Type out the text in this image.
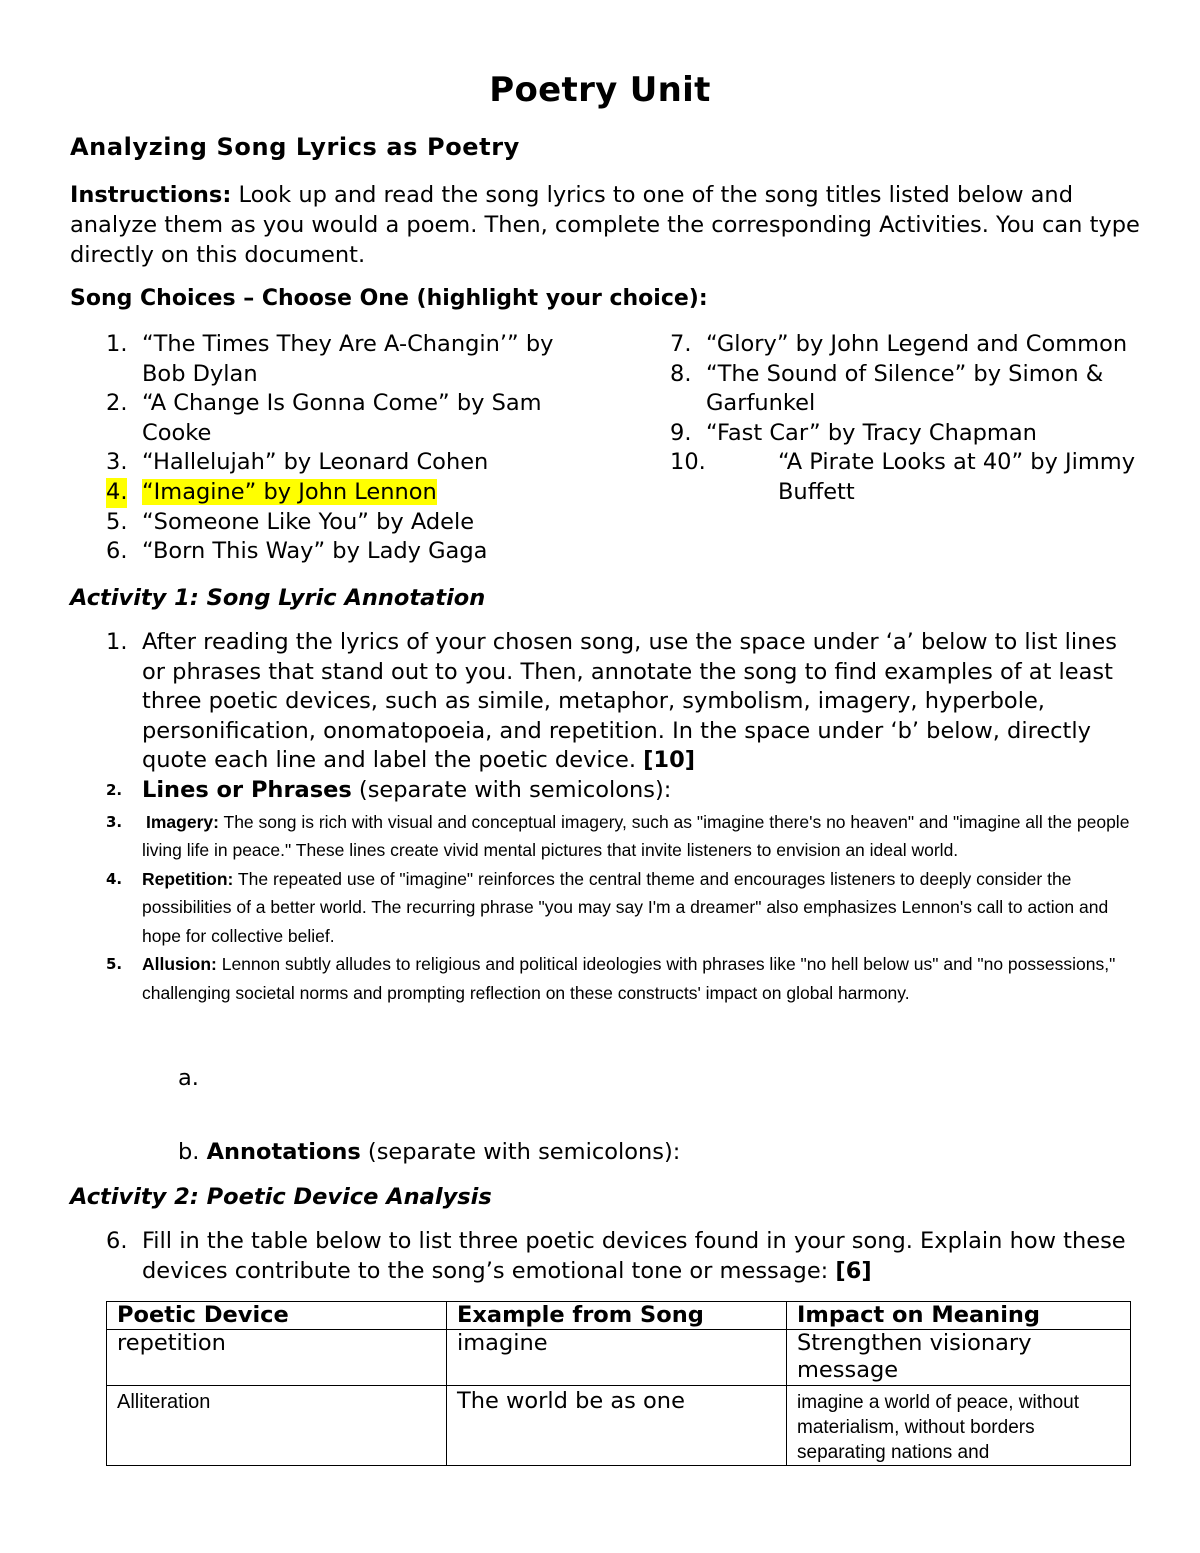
Poetry Unit
Analyzing Song Lyrics as Poetry
Instructions: Look up and read the song lyrics to one of the song titles listed below and analyze them as you would a poem. Then, complete the corresponding Activities. You can type directly on this document.
Song Choices – Choose One (highlight your choice):
1. “The Times They Are A-Changin’” by Bob Dylan
2. “A Change Is Gonna Come” by Sam Cooke
3. “Hallelujah” by Leonard Cohen
4. “Imagine” by John Lennon
5. “Someone Like You” by Adele
6. “Born This Way” by Lady Gaga
7. “Glory” by John Legend and Common
8. “The Sound of Silence” by Simon & Garfunkel
9. “Fast Car” by Tracy Chapman
10.	“A Pirate Looks at 40” by Jimmy Buffett
Activity 1: Song Lyric Annotation
1. After reading the lyrics of your chosen song, use the space under ‘a’ below to list lines or phrases that stand out to you. Then, annotate the song to find examples of at least three poetic devices, such as simile, metaphor, symbolism, imagery, hyperbole, personification, onomatopoeia, and repetition. In the space under ‘b’ below, directly quote each line and label the poetic device. [10]
2. Lines or Phrases (separate with semicolons):
3. Imagery: The song is rich with visual and conceptual imagery, such as "imagine there's no heaven" and "imagine all the people living life in peace." These lines create vivid mental pictures that invite listeners to envision an ideal world.
4. Repetition: The repeated use of "imagine" reinforces the central theme and encourages listeners to deeply consider the possibilities of a better world. The recurring phrase "you may say I'm a dreamer" also emphasizes Lennon's call to action and hope for collective belief.
5. Allusion: Lennon subtly alludes to religious and political ideologies with phrases like "no hell below us" and "no possessions," challenging societal norms and prompting reflection on these constructs' impact on global harmony.
a.
b. Annotations (separate with semicolons):
Activity 2: Poetic Device Analysis
6. Fill in the table below to list three poetic devices found in your song. Explain how these devices contribute to the song’s emotional tone or message: [6]
Poetic Device	Example from Song	Impact on Meaning
repetition	imagine	Strengthen visionary message
Alliteration	The world be as one	imagine a world of peace, without materialism, without borders separating nations and
